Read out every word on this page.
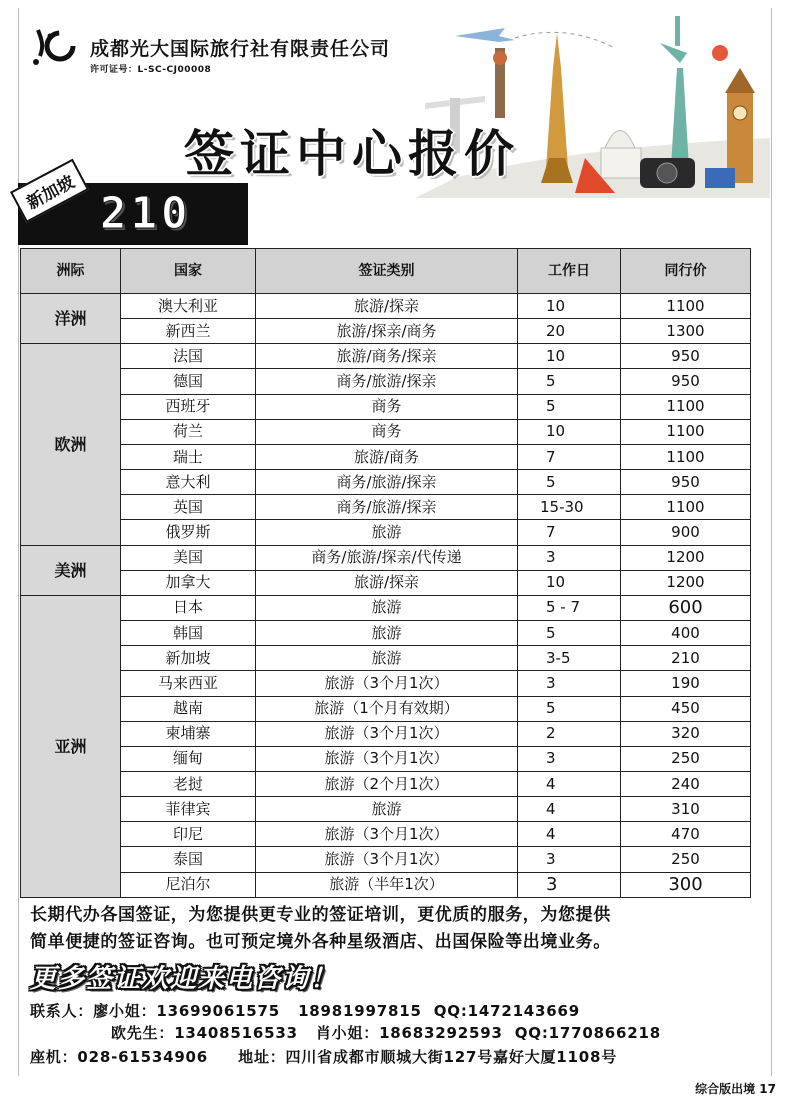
成都光大国际旅行社有限责任公司
许可证号：L-SC-CJ00008
签证中心报价
新加坡 210
洲际	国家	签证类别	工作日	同行价
洋洲	澳大利亚	旅游/探亲	10	1100
	新西兰	旅游/探亲/商务	20	1300
欧洲	法国	旅游/商务/探亲	10	950
	德国	商务/旅游/探亲	5	950
	西班牙	商务	5	1100
	荷兰	商务	10	1100
	瑞士	旅游/商务	7	1100
	意大利	商务/旅游/探亲	5	950
	英国	商务/旅游/探亲	15-30	1100
	俄罗斯	旅游	7	900
美洲	美国	商务/旅游/探亲/代传递	3	1200
	加拿大	旅游/探亲	10	1200
亚洲	日本	旅游	5 - 7	600
	韩国	旅游	5	400
	新加坡	旅游	3-5	210
	马来西亚	旅游（3个月1次）	3	190
	越南	旅游（1个月有效期）	5	450
	柬埔寨	旅游（3个月1次）	2	320
	缅甸	旅游（3个月1次）	3	250
	老挝	旅游（2个月1次）	4	240
	菲律宾	旅游	4	310
	印尼	旅游（3个月1次）	4	470
	泰国	旅游（3个月1次）	3	250
	尼泊尔	旅游（半年1次）	3	300
长期代办各国签证，为您提供更专业的签证培训，更优质的服务，为您提供
简单便捷的签证咨询。也可预定境外各种星级酒店、出国保险等出境业务。
更多签证欢迎来电咨询！
联系人：廖小姐：13699061575   18981997815  QQ:1472143669
欧先生：13408516533   肖小姐：18683292593  QQ:1770866218
座机：028-61534906     地址：四川省成都市顺城大街127号嘉好大厦1108号
综合版出境 17
